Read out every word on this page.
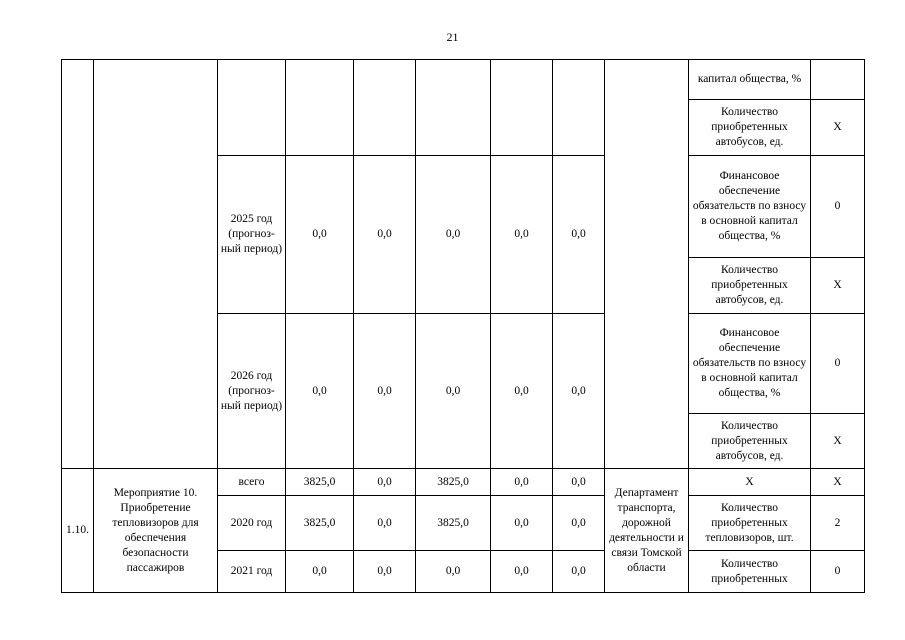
21
									капитал общества, %	
									Количество приобретенных автобусов, ед.	X
		2025 год (прогноз-ный период)	0,0	0,0	0,0	0,0	0,0		Финансовое обеспечение обязательств по взносу в основной капитал общества, %	0
									Количество приобретенных автобусов, ед.	X
		2026 год (прогноз-ный период)	0,0	0,0	0,0	0,0	0,0		Финансовое обеспечение обязательств по взносу в основной капитал общества, %	0
									Количество приобретенных автобусов, ед.	X
1.10.	Мероприятие 10. Приобретение тепловизоров для обеспечения безопасности пассажиров	всего	3825,0	0,0	3825,0	0,0	0,0	Департамент транспорта, дорожной деятельности и связи Томской области	X	X
		2020 год	3825,0	0,0	3825,0	0,0	0,0		Количество приобретенных тепловизоров, шт.	2
		2021 год	0,0	0,0	0,0	0,0	0,0		Количество приобретенных	0
